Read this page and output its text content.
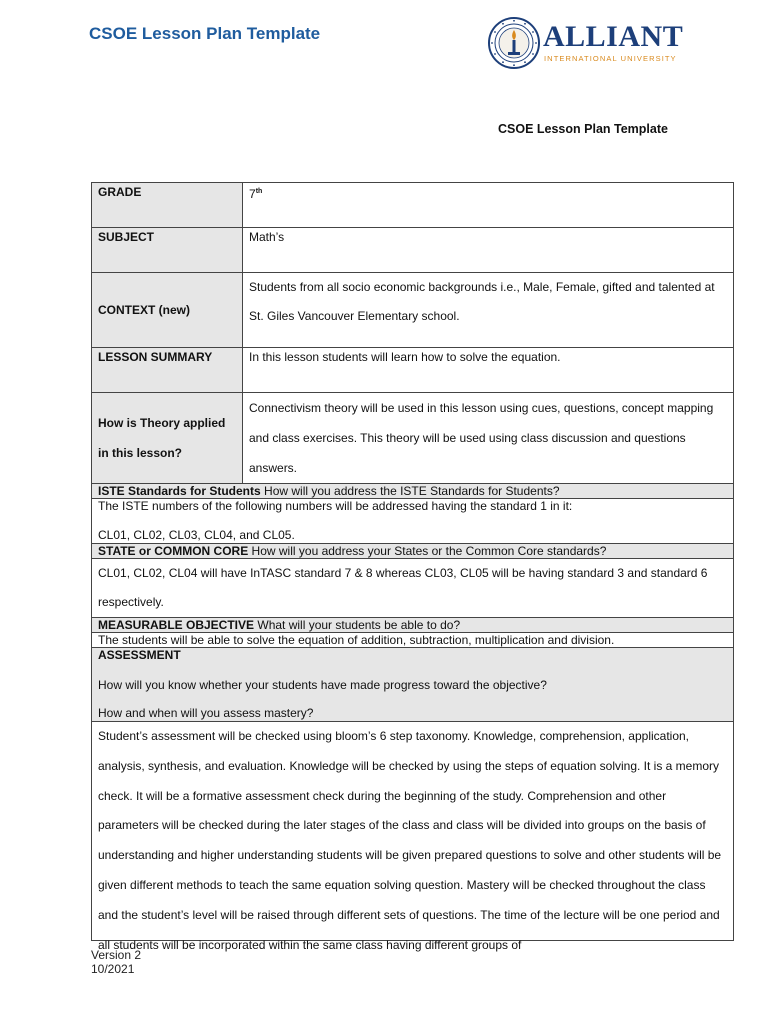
CSOE Lesson Plan Template	ALLIANT
INTERNATIONAL UNIVERSITY
CSOE Lesson Plan Template
GRADE	7th
SUBJECT	Math’s
CONTEXT (new)	Students from all socio economic backgrounds i.e., Male, Female, gifted and talented at St. Giles Vancouver Elementary school.
LESSON SUMMARY	In this lesson students will learn how to solve the equation.
How is Theory applied in this lesson?	Connectivism theory will be used in this lesson using cues, questions, concept mapping and class exercises. This theory will be used using class discussion and questions answers.
ISTE Standards for Students How will you address the ISTE Standards for Students?	

The ISTE numbers of the following numbers will be addressed having the standard 1 in it:
CL01, CL02, CL03, CL04, and CL05.	

STATE or COMMON CORE How will you address your States or the Common Core standards?	
CL01, CL02, CL04 will have InTASC standard 7 & 8 whereas CL03, CL05 will be having standard 3 and standard 6 respectively.	
MEASURABLE OBJECTIVE What will your students be able to do?	
The students will be able to solve the equation of addition, subtraction, multiplication and division.	

ASSESSMENT
How will you know whether your students have made progress toward the objective?
How and when will you assess mastery?	

Student’s assessment will be checked using bloom’s 6 step taxonomy. Knowledge, comprehension, application, analysis, synthesis, and evaluation. Knowledge will be checked by using the steps of equation solving. It is a memory check. It will be a formative assessment check during the beginning of the study. Comprehension and other parameters will be checked during the later stages of the class and class will be divided into groups on the basis of understanding and higher understanding students will be given prepared questions to solve and other students will be given different methods to teach the same equation solving question. Mastery will be checked throughout the class and the student’s level will be raised through different sets of questions. The time of the lecture will be one period and all students will be incorporated within the same class having different groups of	
Version 2
10/2021
